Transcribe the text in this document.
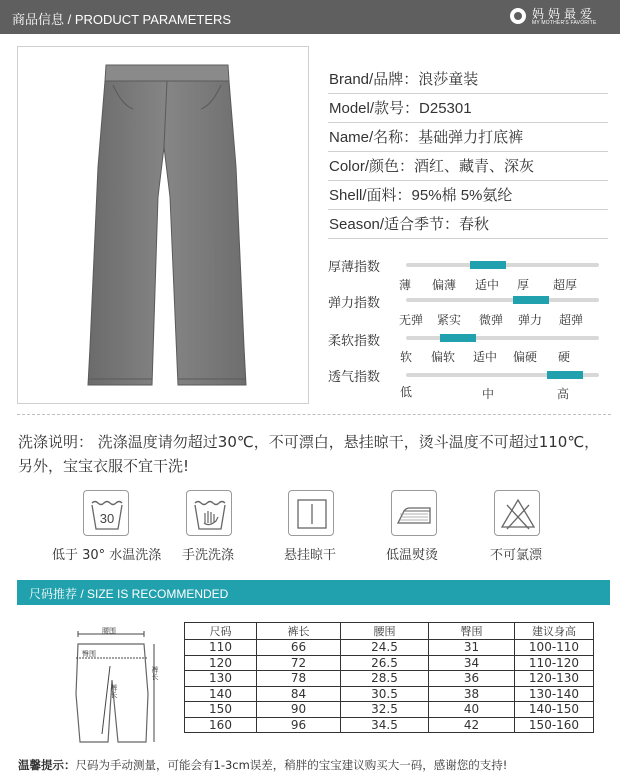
商品信息 / PRODUCT PARAMETERS	妈妈最爱
MY MOTHER'S FAVORITE
Brand/品牌：浪莎童装
Model/款号：D25301
Name/名称：基础弹力打底裤
Color/颜色：酒红、藏青、深灰
Shell/面料：95%棉 5%氨纶
Season/适合季节：春秋
厚薄指数
薄 偏薄 适中 厚 超厚
弹力指数
无弹 紧实 微弹 弹力 超弹
柔软指数
软 偏软 适中 偏硬 硬
透气指数
低	中	高
洗涤说明： 洗涤温度请勿超过30℃，不可漂白，悬挂晾干，烫斗温度不可超过110℃，另外，宝宝衣服不宜干洗!
30
低于 30° 水温洗涤 手洗洗涤	悬挂晾干	低温熨烫	不可氯漂
尺码推荐 / SIZE IS RECOMMENDED
腰围
臀围
裤长
裤长
尺码	裤长	腰围	臀围	建议身高
110	66	24.5	31	100-110
120	72	26.5	34	110-120
130	78	28.5	36	120-130
140	84	30.5	38	130-140
150	90	32.5	40	140-150
160	96	34.5	42	150-160
温馨提示：尺码为手动测量，可能会有1-3cm误差，稍胖的宝宝建议购买大一码，感谢您的支持!
